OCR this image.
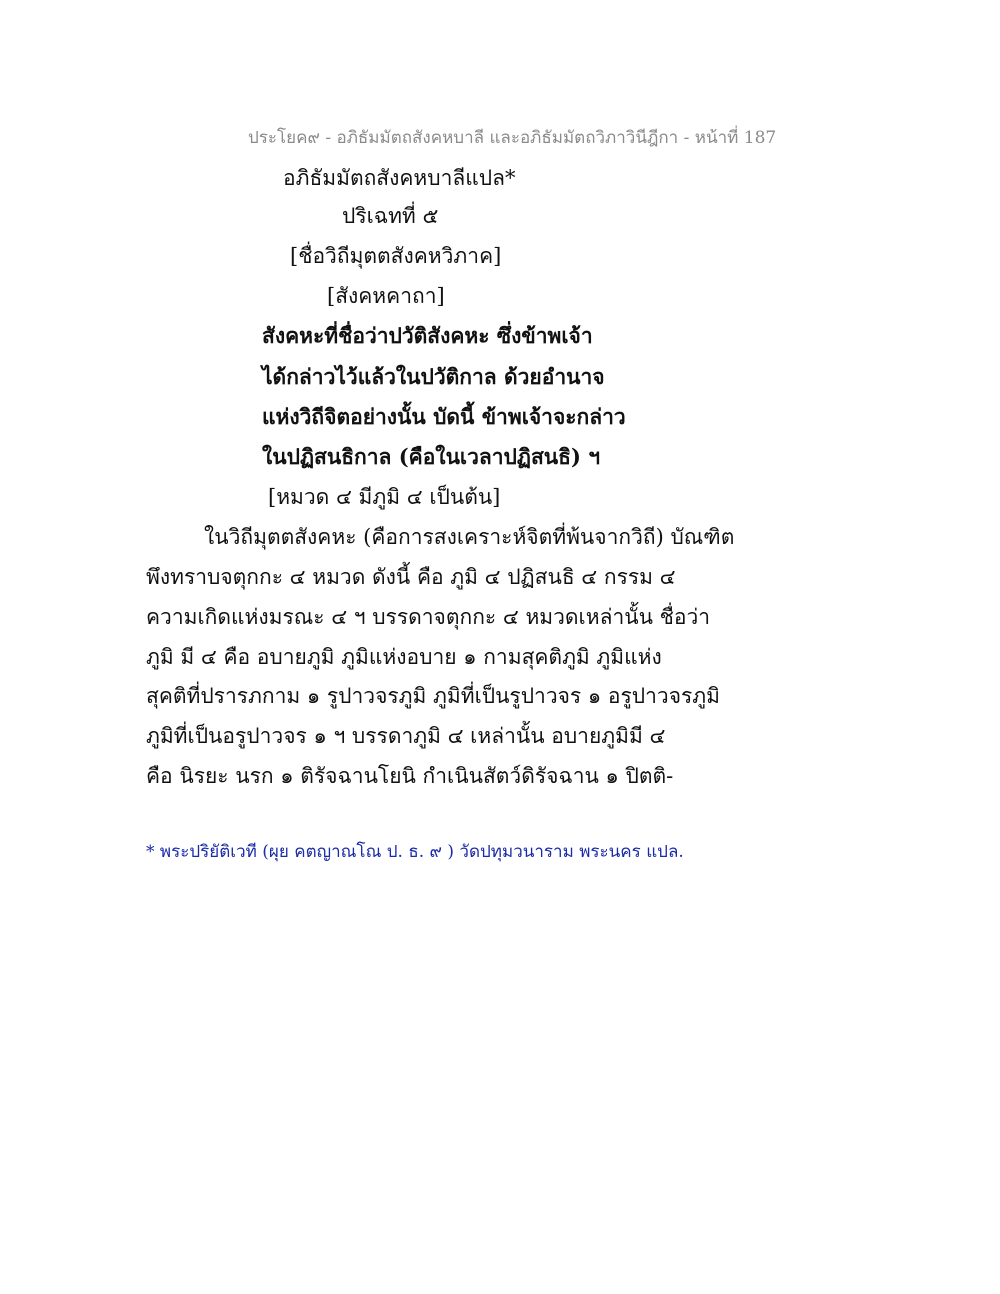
ประโยค๙ - อภิธัมมัตถสังคหบาลี และอภิธัมมัตถวิภาวินีฎีกา - หน้าที่ 187
อภิธัมมัตถสังคหบาลีแปล*
ปริเฉทที่ ๕
[ชื่อวิถีมุตตสังคหวิภาค]
[สังคหคาถา]
สังคหะที่ชื่อว่าปวัติสังคหะ ซึ่งข้าพเจ้า
ได้กล่าวไว้แล้วในปวัติกาล ด้วยอำนาจ
แห่งวิถีจิตอย่างนั้น บัดนี้ ข้าพเจ้าจะกล่าว
ในปฏิสนธิกาล (คือในเวลาปฏิสนธิ) ฯ
[หมวด ๔ มีภูมิ ๔ เป็นต้น]
ในวิถีมุตตสังคหะ (คือการสงเคราะห์จิตที่พ้นจากวิถี) บัณฑิต
พึงทราบจตุกกะ ๔ หมวด ดังนี้ คือ ภูมิ ๔ ปฏิสนธิ ๔ กรรม ๔
ความเกิดแห่งมรณะ ๔ ฯ บรรดาจตุกกะ ๔ หมวดเหล่านั้น ชื่อว่า
ภูมิ มี ๔ คือ อบายภูมิ ภูมิแห่งอบาย ๑ กามสุคติภูมิ ภูมิแห่ง
สุคติที่ปรารภกาม ๑ รูปาวจรภูมิ ภูมิที่เป็นรูปาวจร ๑ อรูปาวจรภูมิ
ภูมิที่เป็นอรูปาวจร ๑ ฯ บรรดาภูมิ ๔ เหล่านั้น อบายภูมิมี ๔
คือ นิรยะ นรก ๑ ติรัจฉานโยนิ กำเนินสัตว์ดิรัจฉาน ๑ ปิตติ-
* พระปริยัติเวที (ผุย คตญาณโณ ป. ธ. ๙ ) วัดปทุมวนาราม พระนคร แปล.
